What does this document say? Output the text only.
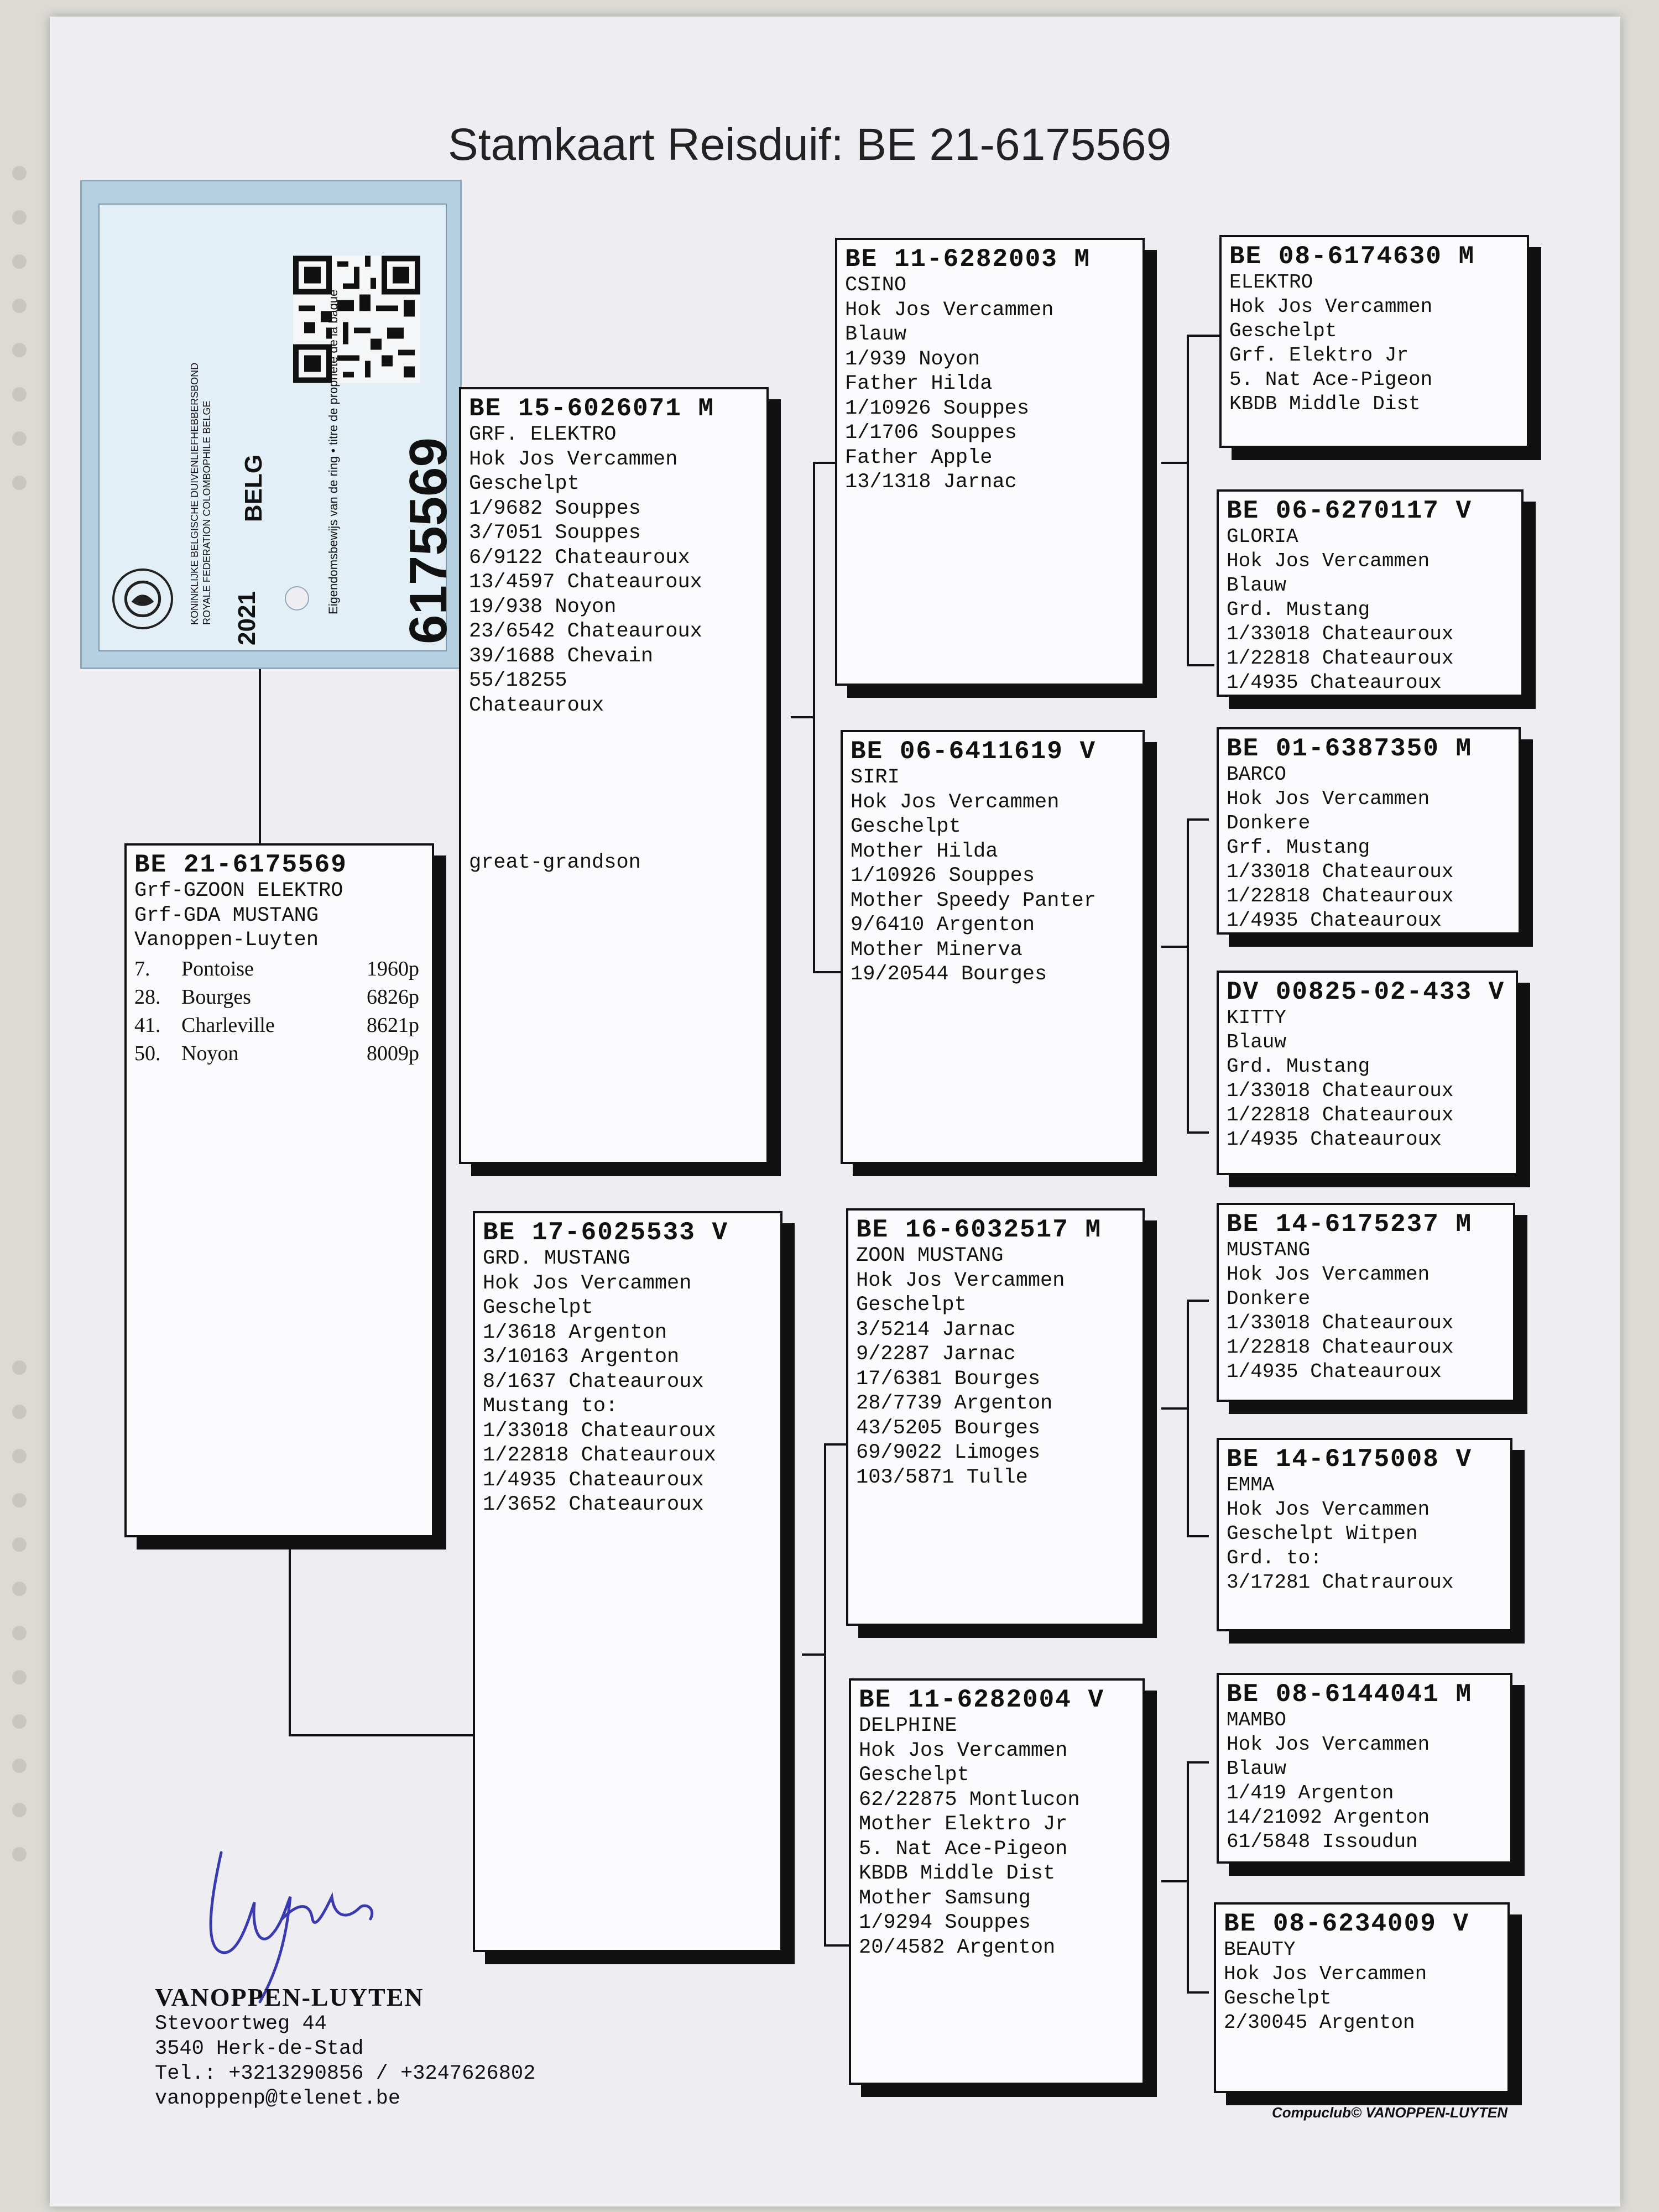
Stamkaart Reisduif: BE 21-6175569
KONINKLIJKE BELGISCHE DUIVENLIEFHEBBERSBOND ROYALE FEDERATION COLOMBOPHILE BELGE	Eigendomsbewijs van de ring • titre de propriété de la bague
BELG
2021	6175569
BE 21-6175569
Grf-GZOON ELEKTRO
Grf-GDA MUSTANG
Vanoppen-Luyten
7.	Pontoise	1960p
28. Bourges	6826p
41. Charleville	8621p
50. Noyon	8009p
BE 15-6026071 M
GRF. ELEKTRO
Hok Jos Vercammen
Geschelpt
1/9682 Souppes
3/7051 Souppes
6/9122 Chateauroux
13/4597 Chateauroux
19/938 Noyon
23/6542 Chateauroux
39/1688 Chevain
55/18255
Chateauroux
great-grandson
BE 17-6025533 V
GRD. MUSTANG
Hok Jos Vercammen
Geschelpt
1/3618 Argenton
3/10163 Argenton
8/1637 Chateauroux
Mustang to:
1/33018 Chateauroux
1/22818 Chateauroux
1/4935 Chateauroux
1/3652 Chateauroux
BE 11-6282003 M
CSINO
Hok Jos Vercammen
Blauw
1/939 Noyon
Father Hilda
1/10926 Souppes
1/1706 Souppes
Father Apple
13/1318 Jarnac
BE 06-6411619 V
SIRI
Hok Jos Vercammen
Geschelpt
Mother Hilda
1/10926 Souppes
Mother Speedy Panter
9/6410 Argenton
Mother Minerva
19/20544 Bourges
BE 16-6032517 M
ZOON MUSTANG
Hok Jos Vercammen
Geschelpt
3/5214 Jarnac
9/2287 Jarnac
17/6381 Bourges
28/7739 Argenton
43/5205 Bourges
69/9022 Limoges
103/5871 Tulle
BE 11-6282004 V
DELPHINE
Hok Jos Vercammen
Geschelpt
62/22875 Montlucon
Mother Elektro Jr
5. Nat Ace-Pigeon
KBDB Middle Dist
Mother Samsung
1/9294 Souppes
20/4582 Argenton
BE 08-6174630 M
ELEKTRO
Hok Jos Vercammen
Geschelpt
Grf. Elektro Jr
5. Nat Ace-Pigeon
KBDB Middle Dist
BE 06-6270117 V
GLORIA
Hok Jos Vercammen
Blauw
Grd. Mustang
1/33018 Chateauroux
1/22818 Chateauroux
1/4935 Chateauroux
BE 01-6387350 M
BARCO
Hok Jos Vercammen
Donkere
Grf. Mustang
1/33018 Chateauroux
1/22818 Chateauroux
1/4935 Chateauroux
DV 00825-02-433 V
KITTY
Blauw
Grd. Mustang
1/33018 Chateauroux
1/22818 Chateauroux
1/4935 Chateauroux
BE 14-6175237 M
MUSTANG
Hok Jos Vercammen
Donkere
1/33018 Chateauroux
1/22818 Chateauroux
1/4935 Chateauroux
BE 14-6175008 V
EMMA
Hok Jos Vercammen
Geschelpt Witpen
Grd. to:
3/17281 Chatrauroux
BE 08-6144041 M
MAMBO
Hok Jos Vercammen
Blauw
1/419 Argenton
14/21092 Argenton
61/5848 Issoudun
BE 08-6234009 V
BEAUTY
Hok Jos Vercammen
Geschelpt
2/30045 Argenton
VANOPPEN-LUYTEN
Stevoortweg 44
3540 Herk-de-Stad
Tel.: +3213290856 / +3247626802
vanoppenp@telenet.be
Compuclub© VANOPPEN-LUYTEN
